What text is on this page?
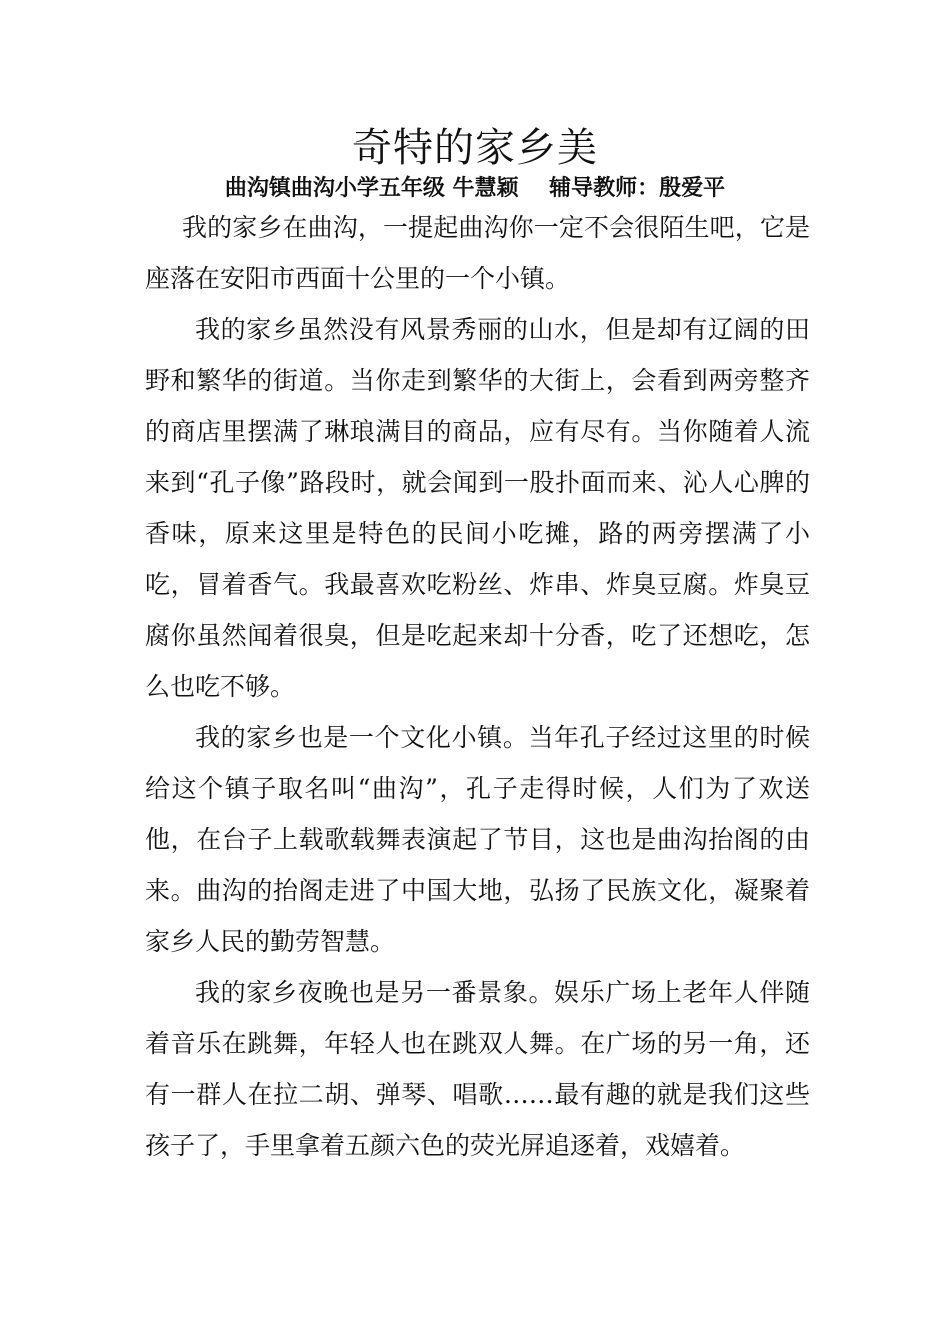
奇特的家乡美
曲沟镇曲沟小学五年级 牛慧颖    辅导教师：殷爱平

我的家乡在曲沟，一提起曲沟你一定不会很陌生吧，它是座落在安阳市西面十公里的一个小镇。

我的家乡虽然没有风景秀丽的山水，但是却有辽阔的田野和繁华的街道。当你走到繁华的大街上，会看到两旁整齐的商店里摆满了琳琅满目的商品，应有尽有。当你随着人流来到“孔子像”路段时，就会闻到一股扑面而来、沁人心脾的香味，原来这里是特色的民间小吃摊，路的两旁摆满了小吃，冒着香气。我最喜欢吃粉丝、炸串、炸臭豆腐。炸臭豆腐你虽然闻着很臭，但是吃起来却十分香，吃了还想吃，怎么也吃不够。

我的家乡也是一个文化小镇。当年孔子经过这里的时候给这个镇子取名叫“曲沟”，孔子走得时候，人们为了欢送他，在台子上载歌载舞表演起了节目，这也是曲沟抬阁的由来。曲沟的抬阁走进了中国大地，弘扬了民族文化，凝聚着家乡人民的勤劳智慧。

我的家乡夜晚也是另一番景象。娱乐广场上老年人伴随着音乐在跳舞，年轻人也在跳双人舞。在广场的另一角，还有一群人在拉二胡、弹琴、唱歌……最有趣的就是我们这些孩子了，手里拿着五颜六色的荧光屏追逐着，戏嬉着。
